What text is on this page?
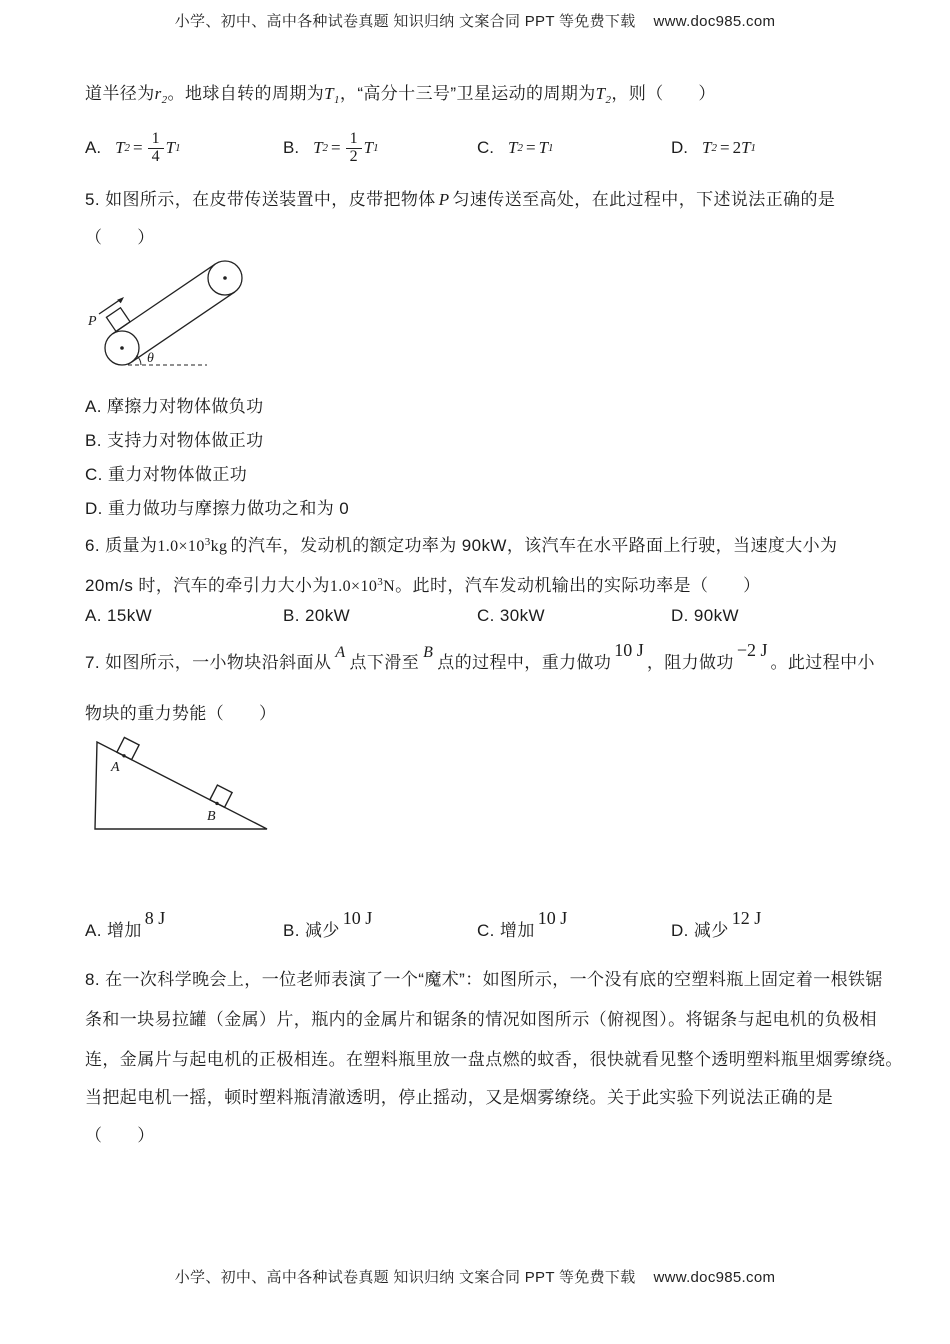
小学、初中、高中各种试卷真题 知识归纳 文案合同 PPT 等免费下载 www.doc985.com
道半径为$r_2$。地球自转的周期为$T_1$，“高分十三号”卫星运动的周期为$T_2$，则（　　）
A. T $2 = \frac{1}{4}$ T 1	B. T $2 = \frac{1}{2}$ T 1	C. T 2 = T 1	D. T 2 = 2 T 1
5. 如图所示，在皮带传送装置中，皮带把物体 P 匀速传送至高处，在此过程中，下述说法正确的是
（　　）
P
θ
A. 摩擦力对物体做负功
B. 支持力对物体做正功
C. 重力对物体做正功
D. 重力做功与摩擦力做功之和为 0
6. 质量为$1.0\times 10^3kg$ 的汽车，发动机的额定功率为 90kW，该汽车在水平路面上行驶，当速度大小为
20m/s 时，汽车的牵引力大小为$1.0\times 10^3N$。此时，汽车发动机输出的实际功率是（　　）
A. 15kW	B. 20kW	C. 30kW	D. 90kW
7. 如图所示，一小物块沿斜面从A点下滑至B点的过程中，重力做功10 J，阻力做功−2 J。此过程中小
物块的重力势能（　　）
A
B
A. 增加8 J
B. 减少10 J
C. 增加10 J
D. 减少12 J
8. 在一次科学晚会上，一位老师表演了一个“魔术”：如图所示，一个没有底的空塑料瓶上固定着一根铁锯
条和一块易拉罐（金属）片，瓶内的金属片和锯条的情况如图所示（俯视图）。将锯条与起电机的负极相
连，金属片与起电机的正极相连。在塑料瓶里放一盘点燃的蚊香，很快就看见整个透明塑料瓶里烟雾缭绕。
当把起电机一摇，顿时塑料瓶清澈透明，停止摇动，又是烟雾缭绕。关于此实验下列说法正确的是
（　　）
小学、初中、高中各种试卷真题 知识归纳 文案合同 PPT 等免费下载 www.doc985.com
